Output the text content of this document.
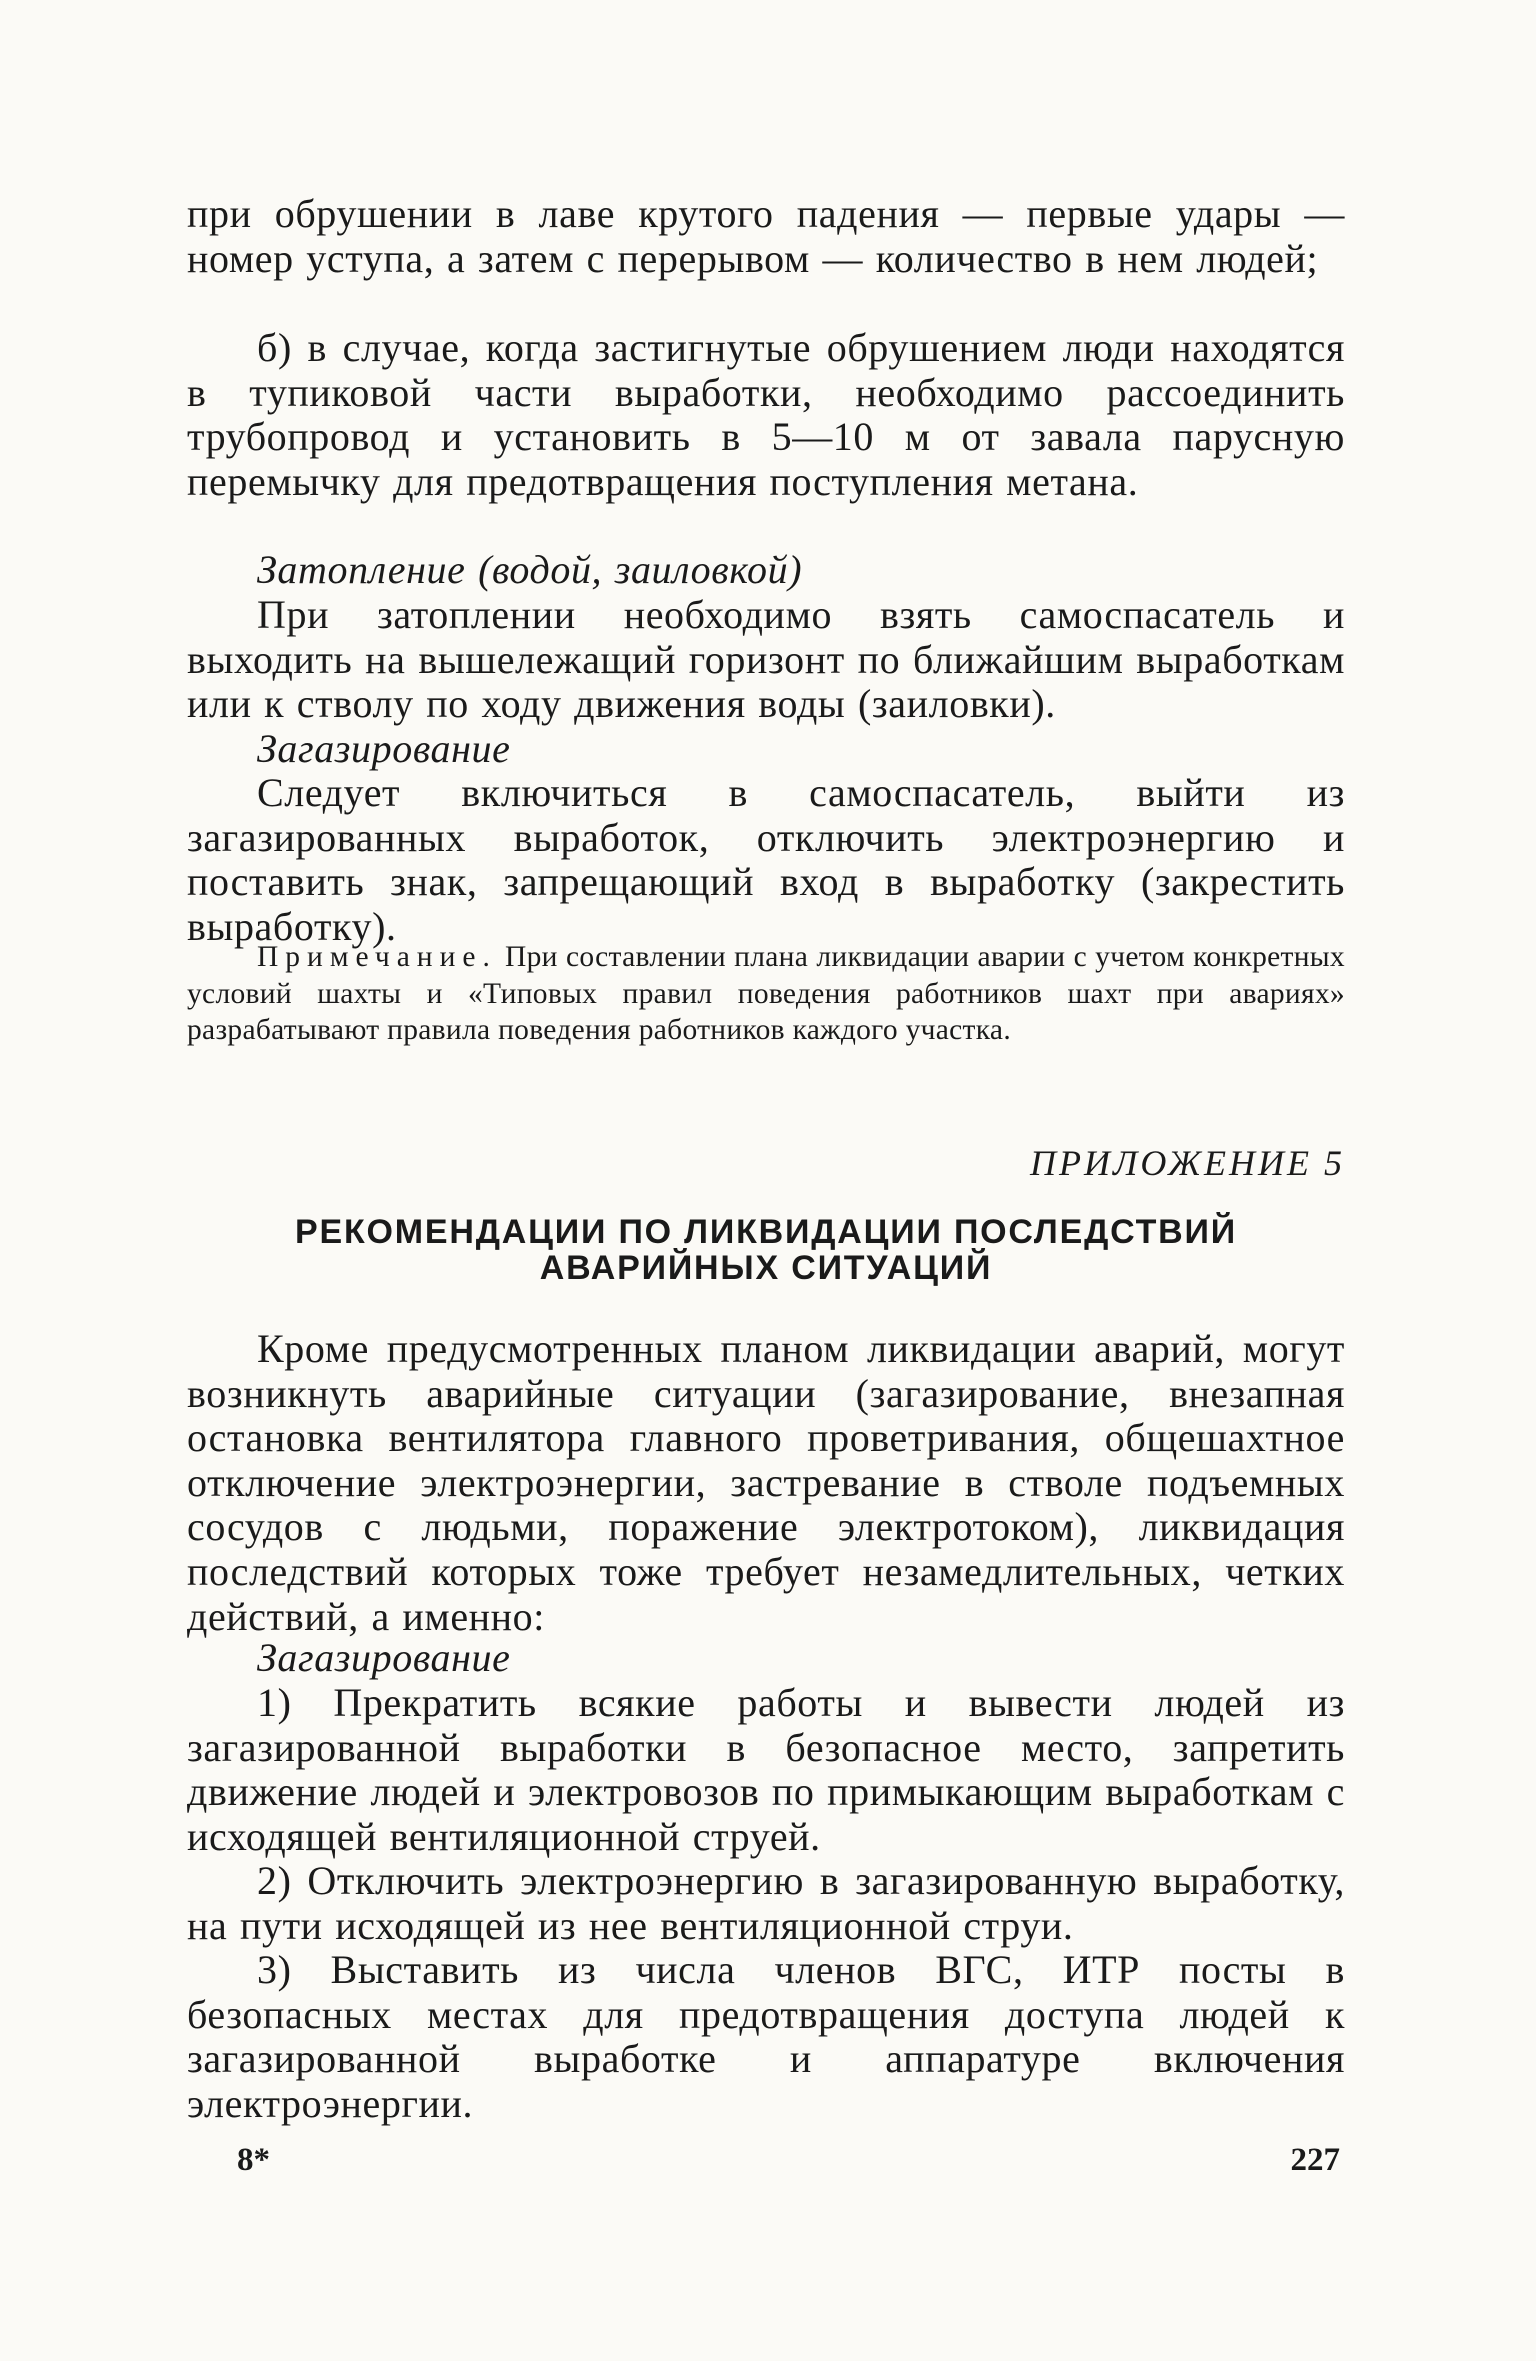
при обрушении в лаве крутого падения — первые удары — номер уступа, а затем с перерывом — количество в нем людей;

б) в случае, когда застигнутые обрушением люди находятся в тупиковой части выработки, необходимо рассоединить трубопровод и установить в 5—10 м от завала парусную перемычку для предотвращения поступления метана.

Затопление (водой, заиловкой)

При затоплении необходимо взять самоспасатель и выходить на вышележащий горизонт по ближайшим выработкам или к стволу по ходу движения воды (заиловки).

Загазирование

Следует включиться в самоспасатель, выйти из загазированных выработок, отключить электроэнергию и поставить знак, запрещающий вход в выработку (закрестить выработку).

Примечание. При составлении плана ликвидации аварии с учетом конкретных условий шахты и «Типовых правил поведения работников шахт при авариях» разрабатывают правила поведения работников каждого участка.

ПРИЛОЖЕНИЕ 5

РЕКОМЕНДАЦИИ ПО ЛИКВИДАЦИИ ПОСЛЕДСТВИЙ
АВАРИЙНЫХ СИТУАЦИЙ

Кроме предусмотренных планом ликвидации аварий, могут возникнуть аварийные ситуации (загазирование, внезапная остановка вентилятора главного проветривания, общешахтное отключение электроэнергии, застревание в стволе подъемных сосудов с людьми, поражение электротоком), ликвидация последствий которых тоже требует незамедлительных, четких действий, а именно:

Загазирование

1) Прекратить всякие работы и вывести людей из загазированной выработки в безопасное место, запретить движение людей и электровозов по примыкающим выработкам с исходящей вентиляционной струей.

2) Отключить электроэнергию в загазированную выработку, на пути исходящей из нее вентиляционной струи.

3) Выставить из числа членов ВГС, ИТР посты в безопасных местах для предотвращения доступа людей к загазированной выработке и аппаратуре включения электроэнергии.

8*	227
